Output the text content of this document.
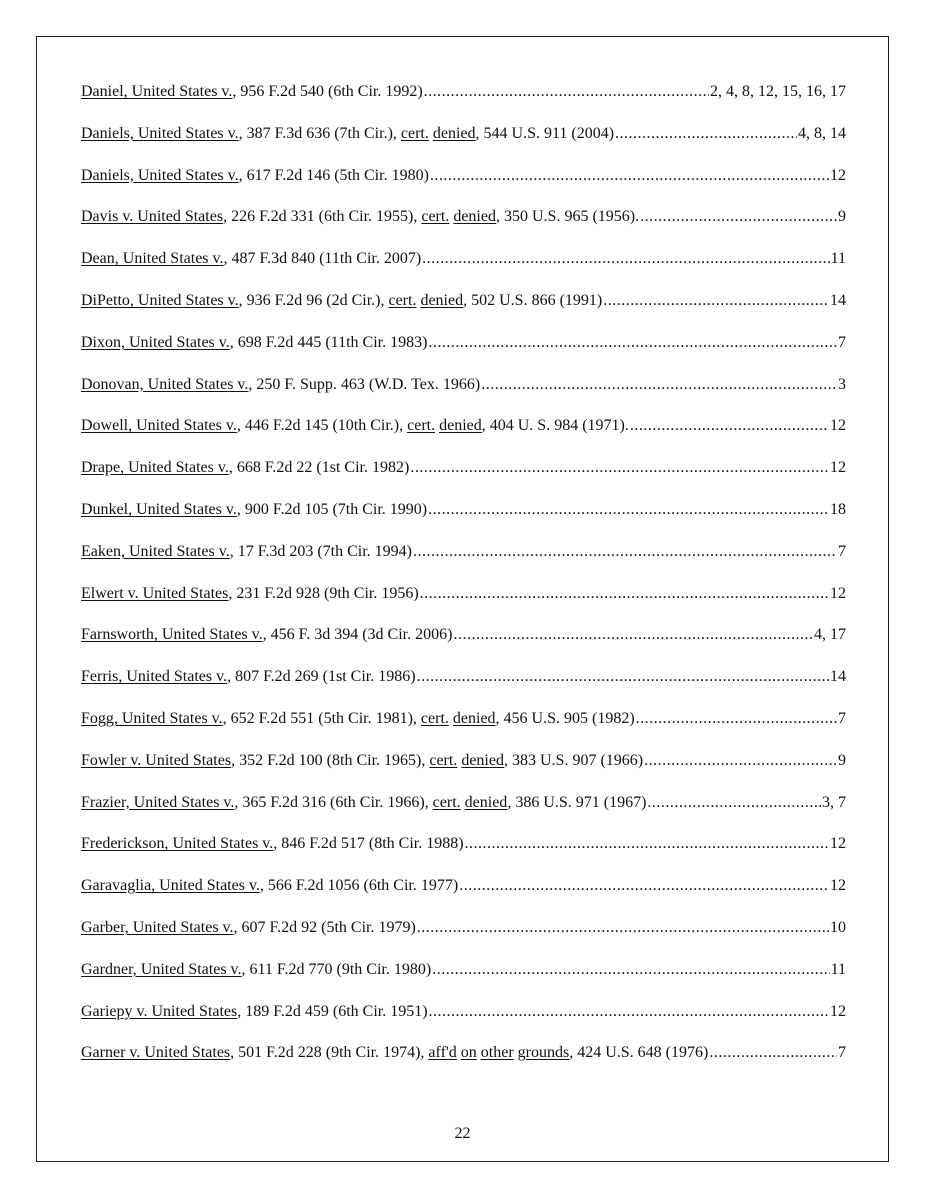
Daniel, United States v., 956 F.2d 540 (6th Cir. 1992) .....	2, 4, 8, 12, 15, 16, 17
Daniels, United States v., 387 F.3d 636 (7th Cir.), cert. denied, 544 U.S. 911 (2004) .....	4, 8, 14
Daniels, United States v., 617 F.2d 146 (5th Cir. 1980) .....	12
Davis v. United States, 226 F.2d 331 (6th Cir. 1955), cert. denied, 350 U.S. 965 (1956). .....	9
Dean, United States v., 487 F.3d 840 (11th Cir. 2007) .....	11
DiPetto, United States v., 936 F.2d 96 (2d Cir.), cert. denied, 502 U.S. 866 (1991) .....	14
Dixon, United States v., 698 F.2d 445 (11th Cir. 1983) .....	7
Donovan, United States v., 250 F. Supp. 463 (W.D. Tex. 1966) .....	3
Dowell, United States v., 446 F.2d 145 (10th Cir.), cert. denied, 404 U. S. 984 (1971). .....	12
Drape, United States v., 668 F.2d 22 (1st Cir. 1982) .....	12
Dunkel, United States v., 900 F.2d 105 (7th Cir. 1990) .....	18
Eaken, United States v., 17 F.3d 203 (7th Cir. 1994) .....	7
Elwert v. United States, 231 F.2d 928 (9th Cir. 1956) .....	12
Farnsworth, United States v., 456 F. 3d 394 (3d Cir. 2006) .....	4, 17
Ferris, United States v., 807 F.2d 269 (1st Cir. 1986) .....	14
Fogg, United States v., 652 F.2d 551 (5th Cir. 1981), cert. denied, 456 U.S. 905 (1982) .....	7
Fowler v. United States, 352 F.2d 100 (8th Cir. 1965), cert. denied, 383 U.S. 907 (1966) .....	9
Frazier, United States v., 365 F.2d 316 (6th Cir. 1966), cert. denied, 386 U.S. 971 (1967) .....	3, 7
Frederickson, United States v., 846 F.2d 517 (8th Cir. 1988) .....	12
Garavaglia, United States v., 566 F.2d 1056 (6th Cir. 1977) .....	12
Garber, United States v., 607 F.2d 92 (5th Cir. 1979) .....	10
Gardner, United States v., 611 F.2d 770 (9th Cir. 1980) .....	11
Gariepy v. United States, 189 F.2d 459 (6th Cir. 1951) .....	12
Garner v. United States, 501 F.2d 228 (9th Cir. 1974), aff'd on other grounds, 424 U.S. 648 (1976) .....	7
22
